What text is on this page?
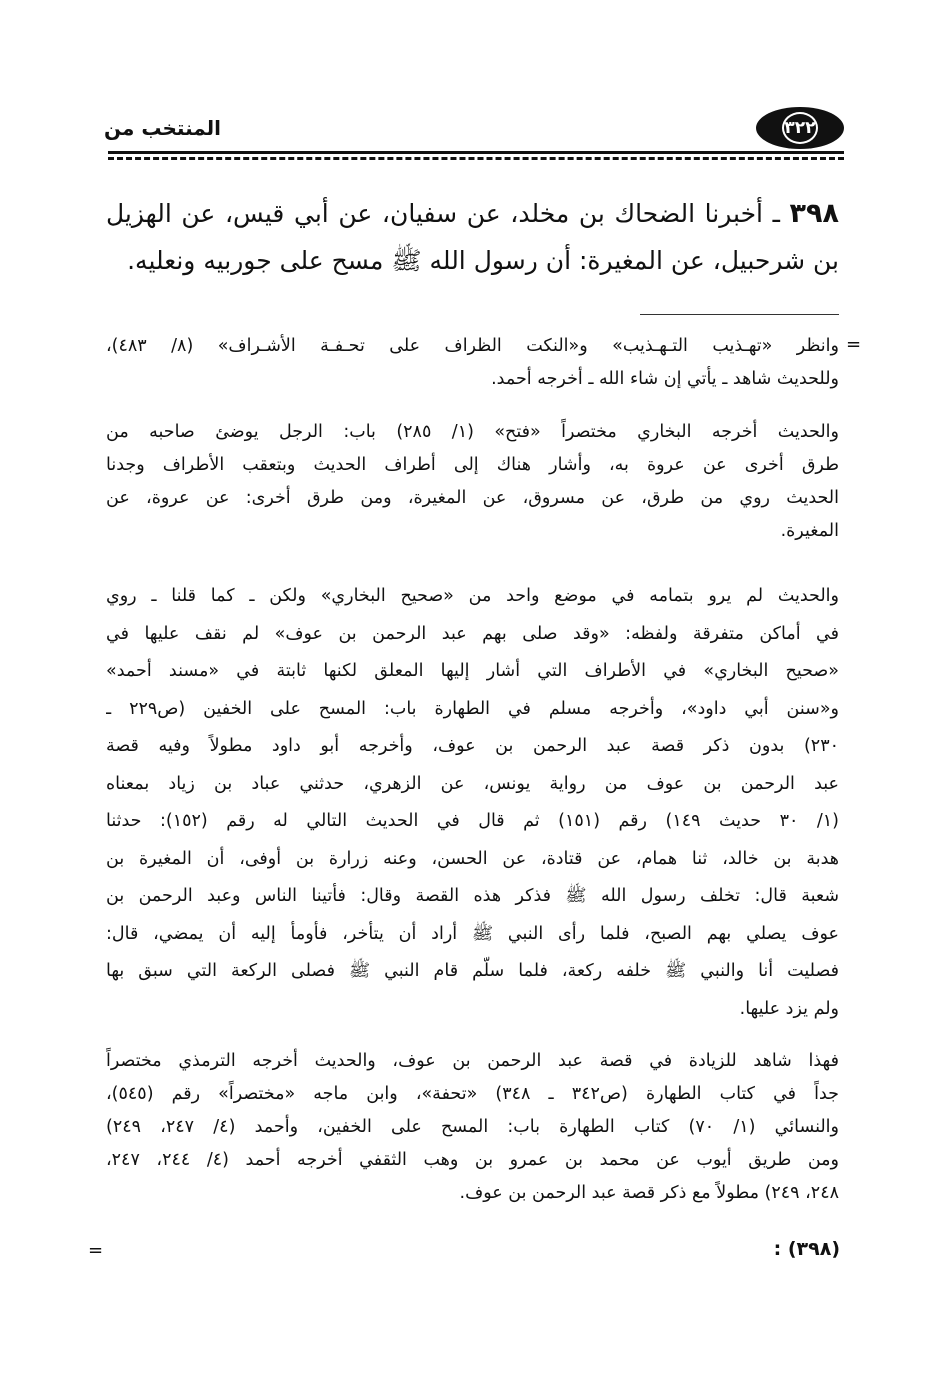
٣٢٢
المنتخب من
٣٩٨ ـ أخبرنا الضحاك بن مخلد، عن سفيان، عن أبي قيس، عن الهزيل
بن شرحبيل، عن المغيرة: أن رسول الله ﷺ مسح على جوربيه ونعليه.
=
وانظر «تهـذيب التـهـذيب» و«النكت الظراف على تحـفـة الأشـراف» (٨/ ٤٨٣)،
وللحديث شاهد ـ يأتي إن شاء الله ـ أخرجه أحمد.
والحديث أخرجه البخاري مختصراً «فتح» (١/ ٢٨٥) باب: الرجل يوضئ صاحبه من
طرق أخرى عن عروة به، وأشار هناك إلى أطراف الحديث وبتعقب الأطراف وجدنا
الحديث روي من طرق، عن مسروق، عن المغيرة، ومن طرق أخرى: عن عروة، عن
المغيرة.
والحديث لم يرو بتمامه في موضع واحد من «صحيح البخاري» ولكن ـ كما قلنا ـ روي
في أماكن متفرقة ولفظه: «وقد صلى بهم عبد الرحمن بن عوف» لم نقف عليها في
«صحيح البخاري» في الأطراف التي أشار إليها المعلق لكنها ثابتة في «مسند أحمد»
و«سنن أبي داود»، وأخرجه مسلم في الطهارة باب: المسح على الخفين (ص٢٢٩ ـ
٢٣٠) بدون ذكر قصة عبد الرحمن بن عوف، وأخرجه أبو داود مطولاً وفيه قصة
عبد الرحمن بن عوف من رواية يونس، عن الزهري، حدثني عباد بن زياد بمعناه
(١/ ٣٠ حديث ١٤٩) رقم (١٥١) ثم قال في الحديث التالي له رقم (١٥٢): حدثنا
هدبة بن خالد، ثنا همام، عن قتادة، عن الحسن، وعنه زرارة بن أوفى، أن المغيرة بن
شعبة قال: تخلف رسول الله ﷺ فذكر هذه القصة وقال: فأتينا الناس وعبد الرحمن بن
عوف يصلي بهم الصبح، فلما رأى النبي ﷺ أراد أن يتأخر، فأومأ إليه أن يمضي، قال:
فصليت أنا والنبي ﷺ خلفه ركعة، فلما سلّم قام النبي ﷺ فصلى الركعة التي سبق بها
ولم يزد عليها.
فهذا شاهد للزيادة في قصة عبد الرحمن بن عوف، والحديث أخرجه الترمذي مختصراً
جداً في كتاب الطهارة (ص٣٤٢ ـ ٣٤٨) «تحفة»، وابن ماجه «مختصراً» رقم (٥٤٥)،
والنسائي (١/ ٧٠) كتاب الطهارة باب: المسح على الخفين، وأحمد (٤/ ٢٤٧، ٢٤٩)
ومن طريق أيوب عن محمد بن عمرو بن وهب الثقفي أخرجه أحمد (٤/ ٢٤٤، ٢٤٧،
٢٤٨، ٢٤٩) مطولاً مع ذكر قصة عبد الرحمن بن عوف.
=	(٣٩٨) :
